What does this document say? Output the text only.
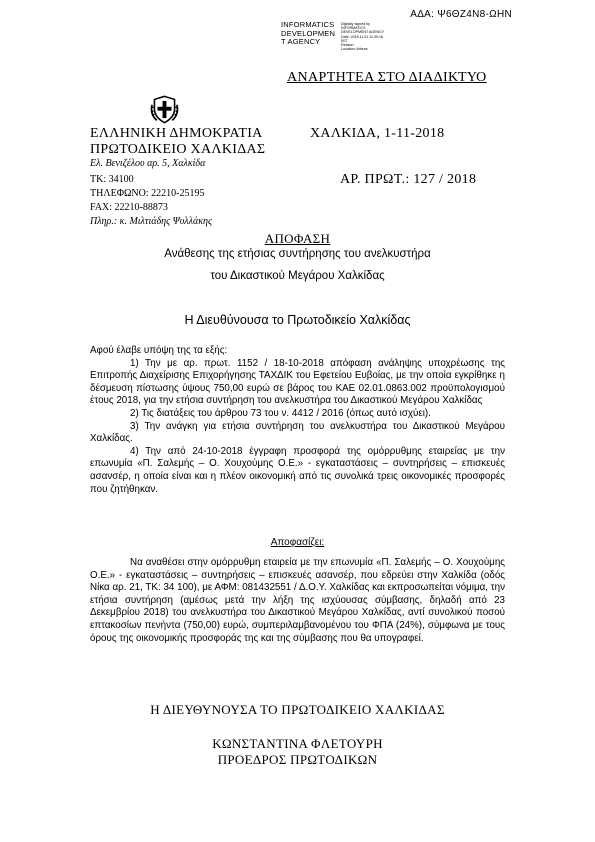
ΑΔΑ: Ψ6ΘΖ4Ν8-ΩΗΝ
INFORMATICS
DEVELOPMEN
T AGENCY
Digitally signed by
INFORMATICS
DEVELOPMENT AGENCY
Date: 2018.11.01 11:30:16
EET
Reason:
Location: Athens
ΑΝΑΡΤΗΤΕΑ ΣΤΟ ΔΙΑΔΙΚΤΥΟ
ΕΛΛΗΝΙΚΗ ΔΗΜΟΚΡΑΤΙΑ	ΧΑΛΚΙΔΑ, 1-11-2018
ΠΡΩΤΟΔΙΚΕΙΟ ΧΑΛΚΙΔΑΣ
Ελ. Βενιζέλου αρ. 5, Χαλκίδα
ΤΚ: 34100	ΑΡ. ΠΡΩΤ.: 127 / 2018
ΤΗΛΕΦΩΝΟ: 22210-25195
FAX: 22210-88873
Πληρ.: κ. Μιλτιάδης Ψυλλάκης
ΑΠΟΦΑΣΗ
Ανάθεσης της ετήσιας συντήρησης του ανελκυστήρα
του Δικαστικού Μεγάρου Χαλκίδας
Η Διευθύνουσα το Πρωτοδικείο Χαλκίδας

Αφού έλαβε υπόψη της τα εξής:

1) Την με αρ. πρωτ. 1152 / 18-10-2018 απόφαση ανάληψης υποχρέωσης της Επιτροπής Διαχείρισης Επιχορήγησης ΤΑΧΔΙΚ του Εφετείου Ευβοίας, με την οποία εγκρίθηκε η δέσμευση πίστωσης ύψους 750,00 ευρώ σε βάρος του ΚΑΕ 02.01.0863.002 προϋπολογισμού έτους 2018, για την ετήσια συντήρηση του ανελκυστήρα του Δικαστικού Μεγάρου Χαλκίδας

2) Τις διατάξεις του άρθρου 73 του ν. 4412 / 2016 (όπως αυτό ισχύει).

3) Την ανάγκη για ετήσια συντήρηση του ανελκυστήρα του Δικαστικού Μεγάρου Χαλκίδας.

4) Την από 24-10-2018 έγγραφη προσφορά της ομόρρυθμης εταιρείας με την επωνυμία «Π. Σαλεμής – Ο. Χουχούμης Ο.Ε.» - εγκαταστάσεις – συντηρήσεις – επισκευές ασανσέρ, η οποία είναι και η πλέον οικονομική από τις συνολικά τρεις οικονομικές προσφορές που ζητήθηκαν.

Αποφασίζει:

Να αναθέσει στην ομόρρυθμη εταιρεία με την επωνυμία «Π. Σαλεμής – Ο. Χουχούμης Ο.Ε.» - εγκαταστάσεις – συντηρήσεις – επισκευές ασανσέρ, που εδρεύει στην Χαλκίδα (οδός Νίκα αρ. 21, ΤΚ: 34 100), με ΑΦΜ: 081432551 / Δ.Ο.Υ. Χαλκίδας και εκπροσωπείται νόμιμα, την ετήσια συντήρηση (αμέσως μετά την λήξη της ισχύουσας σύμβασης, δηλαδή από 23 Δεκεμβρίου 2018) του ανελκυστήρα του Δικαστικού Μεγάρου Χαλκίδας, αντί συνολικού ποσού επτακοσίων πενήντα (750,00) ευρώ, συμπεριλαμβανομένου του ΦΠΑ (24%), σύμφωνα με τους όρους της οικονομικής προσφοράς της και της σύμβασης που θα υπογραφεί.

Η ΔΙΕΥΘΥΝΟΥΣΑ ΤΟ ΠΡΩΤΟΔΙΚΕΙΟ ΧΑΛΚΙΔΑΣ
ΚΩΝΣΤΑΝΤΙΝΑ ΦΛΕΤΟΥΡΗ
ΠΡΟΕΔΡΟΣ ΠΡΩΤΟΔΙΚΩΝ
